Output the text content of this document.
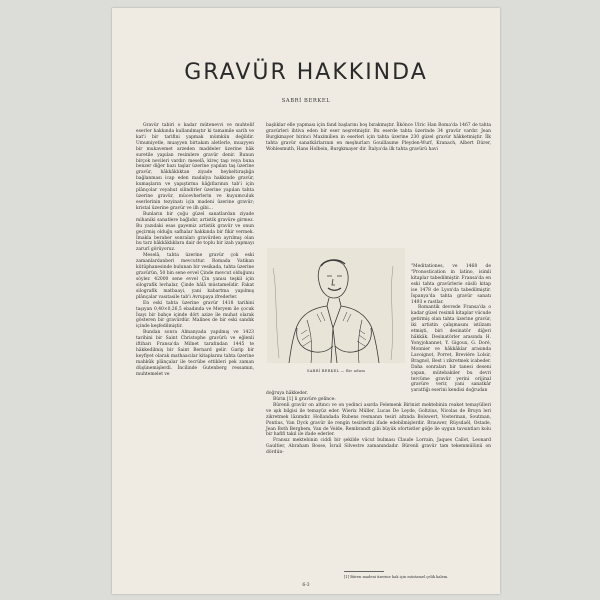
GRAVÜR HAKKINDA
SABRİ BERKEL

Gravür tabiri o kadar mütenevvi ve muhtelif eserler hakkında kullanılmıştır ki tamamile sarih ve kat'i bir tarifini yapmak mümkün değildir. Umumiyetle, muayyen birtakım aletlerle, muayyen bir mukavemet arzeden maddeler üzerine hâk suretile yapılan resimlere gravür denir. Bunun birçok nevileri vardır: meselâ, kireç taşı veya buna benzer diğer bazı taşlar üzerine yapılan taş üzerine gravür, hâkkâklıktan ziyade heykeltıraşlığa bağlanması icap eden madalya hakkinde gravür, kumaşların ve yapıştırma kâğıtlarının tab'i için plânçolar veyahut silindirler üzerine yapılan tahta üzerine gravür, mücevherlerin ve kuyumculuk eserlerinin tezyinatı için madeni üzerine gravür; kristal üzerine gravür ve ilh gibi...

Bunların bir çoğu güzel sanatlardan ziyade mihaniki sanatlere bağlıdır, artistik gravüre girmez. Bu yazıdaki esas gayemiz artistik gravür ve onun geçirmiş olduğu safhalar hakkında bir fikir vermek. İmakla beraber sonraları gravürden ayrılmış olan bu tarz hâkkâklıklara dair de toplu bir izah yapmayı zarurî görüyoruz.

Meselâ, tahta üzerine gravür çok eski zamanlardanberi mevcuttur. Romada Vatikan kütüphanesinde bulunan bir vesikada, tahta üzerine gravürün, 50 bin sene evvel Çinde mevcut olduğunu söyler. 42000 sene evvel Çin yanısı teşkil için silografik levhalar, Çinde hâlâ müstamelidir. Fakat silografik matbaayi, yani kabartma yapılmış plânçalar vasıtasile tab'i Avrupaya ifrederler.

En eski tahta üzerine gravür 1418 tarihini taşıyan 0,40×0,26,5 ebadında ve Meryem ile çocuk İsayı bir bahçe içinde dört azize ile muhat olarak gösteren bir gravürdür. Malines de bir eski sandık içinde keşfedilmiştir.

Bundan sonra Almanyada yapılmış ve 1423 tarihini bir Saint Christophe gravürü ve eğlenli iftiharı Fransa'da Milnet tarafından 1445 te hâkkedilmiş bir Saint Bernard gelir. Garip bir keyfiyet olarak mathaacılar kitaplarını tahta üzerine mahkûk plânçalar ile tecrübe ettikleri pek zaman düşünemişlerdi. İncilinde Gutenberg ressamın, muhtemelet ve

başlıklar elle yapması için fand başlarını boş bırakmıştır. İlkönce Ulric Han Roma'da 1467 de tahta gravürleri ihtiva eden bir eser neşretmiştir. Bu eserde tahta üzerinde 34 gravür vardır. Jean Burgkmayer birinci Maximilien in eserleri için tahta üzerine 230 güzel gravür hâkketmiştir. İlk tahta gravür sanatkârlarının en meşhurları Gouillaume Pleyden-Wurf, Kranach, Albert Dürer, Wohlesmuth, Hans Holbein, Burgkmayer dir. İtalya'da ilk tahta gravürü havi

SABRİ BERKEL — Bir adam

"Meditationes, ve 1468 de "Pronostication in latino, isimli kitaplar tabedilmiştir. Fransa'da en eski tahta gravürlerie süslü kitap ise 1478 de Lyon'da tabedilmiştir. İspanya'da tahta gravür sanatı 1493 e rastlar.

Romantik devrede Fransa'da o kadar güzel resimli kitaplar vücude getirmiş olan tahta üzerine gravür, iki artistin çalışmasını istilzam etmişti, biri desinatör diğeri hâkkâk. Desinatörler arasında H. Yonyjohannet, Y. Gigoux, G. Doré, Monnier ve hâkkâklar arasında Lavoignot, Porret, Brevière Lolsir, Bragnol, Best i zikretmek icabeder. Daha sonraları bir tanesi deseni yapan, mütebakiler bu devri tercüme gravür yerini orijinal gravüre verir, yani sanatkâr yaratfığı eserini kendisi doğrudan

doğruya hâkkeder.

Bürin [1] li gravüre gelince:

Bürenli gravür on altıncı ve on yedinci asırda Felemenk Birinist mektebinin reaket temayülleri ve ışık bilgisi ile temayüz eder. Wierix Müller, Lucas De Leyde, Goltzius, Nicolas de Bruyn leri zikretmek lâzımdır. Hollandada Rubens resmanın tesiri altında Bolswert, Vosterman, Soutman, Pontius, Van Dyck gravür ile rengin tesirlerini ifade edebilmişlerdir. Brauwer, Rüysdaël, Ostade, Jean Both Bergbem, Van de Velde, Rembrandt gibi büyük ofortistler göğe ile uygun tavsıntları kolu bir hafifi takıl ile ifade ederler.

Fransız mektebinin ciddi bir şekilde vücut bulması Claude Lorrain, Jaques Callot, Leonard Gaultier, Abraham Bosse, İsrail Silvestre zamanındadır. Bürenli gravür tam tekemmülünü on dördün-

[1] Büren madeni üzerine hak için müstamel çelik kalem.
6-3
